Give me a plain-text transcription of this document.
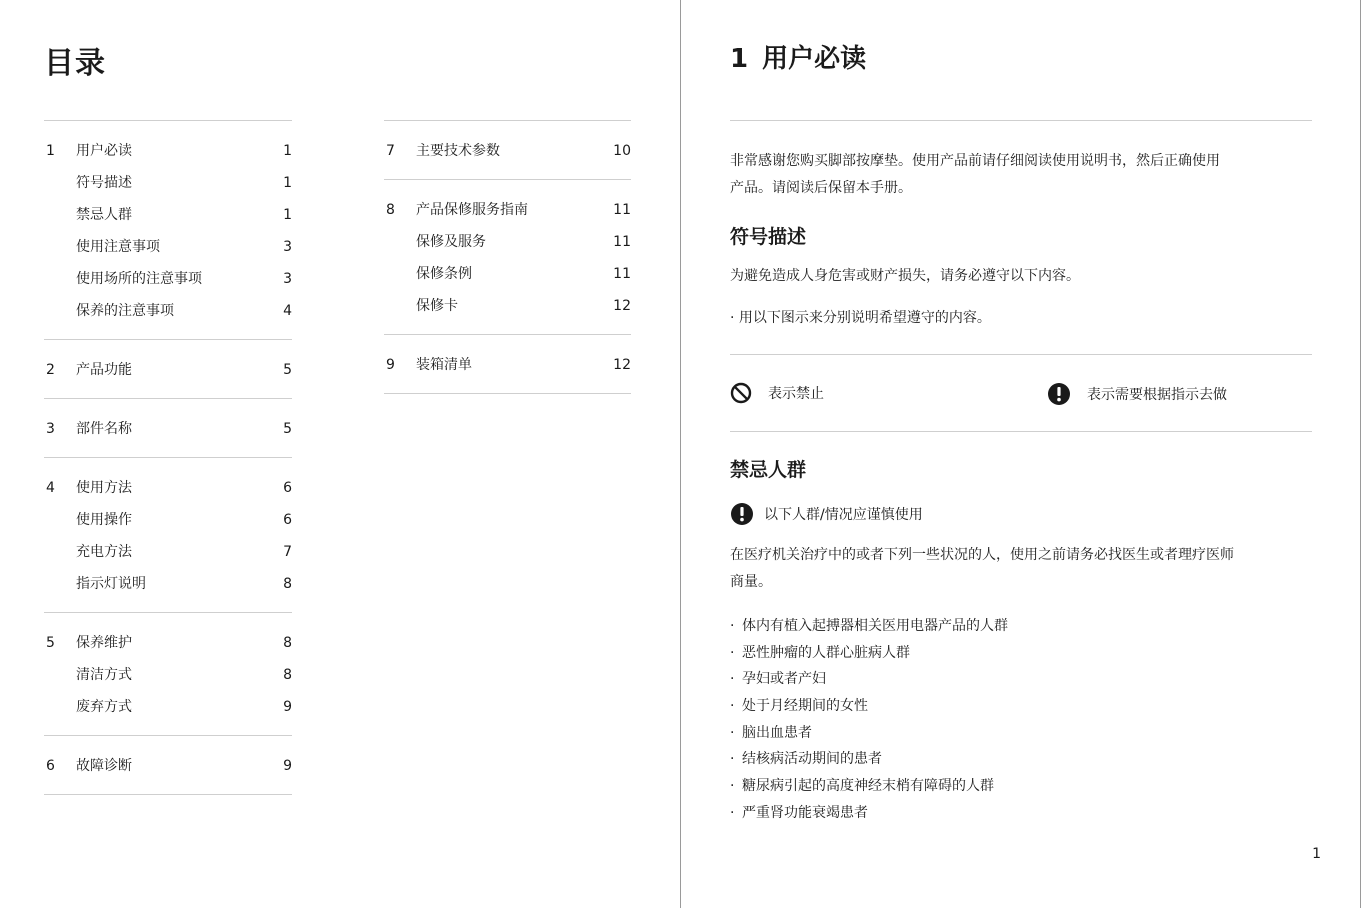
目录
1	用户必读	1
符号描述	1
禁忌人群	1
使用注意事项	3
使用场所的注意事项	3
保养的注意事项	4
2	产品功能	5
3	部件名称	5
4	使用方法	6
使用操作	6
充电方法	7
指示灯说明	8
5	保养维护	8
清洁方式	8
废弃方式	9
6	故障诊断	9
7	主要技术参数	10
8	产品保修服务指南	11
保修及服务	11
保修条例	11
保修卡	12
9	装箱清单	12
1 用户必读

非常感谢您购买脚部按摩垫。使用产品前请仔细阅读使用说明书，然后正确使用
产品。请阅读后保留本手册。

符号描述

为避免造成人身危害或财产损失，请务必遵守以下内容。

· 用以下图示来分别说明希望遵守的内容。

表示禁止	表示需要根据指示去做
禁忌人群
以下人群/情况应谨慎使用

在医疗机关治疗中的或者下列一些状况的人，使用之前请务必找医生或者理疗医师
商量。

· 体内有植入起搏器相关医用电器产品的人群
· 恶性肿瘤的人群心脏病人群
· 孕妇或者产妇
· 处于月经期间的女性
· 脑出血患者
· 结核病活动期间的患者
· 糖尿病引起的高度神经末梢有障碍的人群
· 严重肾功能衰竭患者
1
